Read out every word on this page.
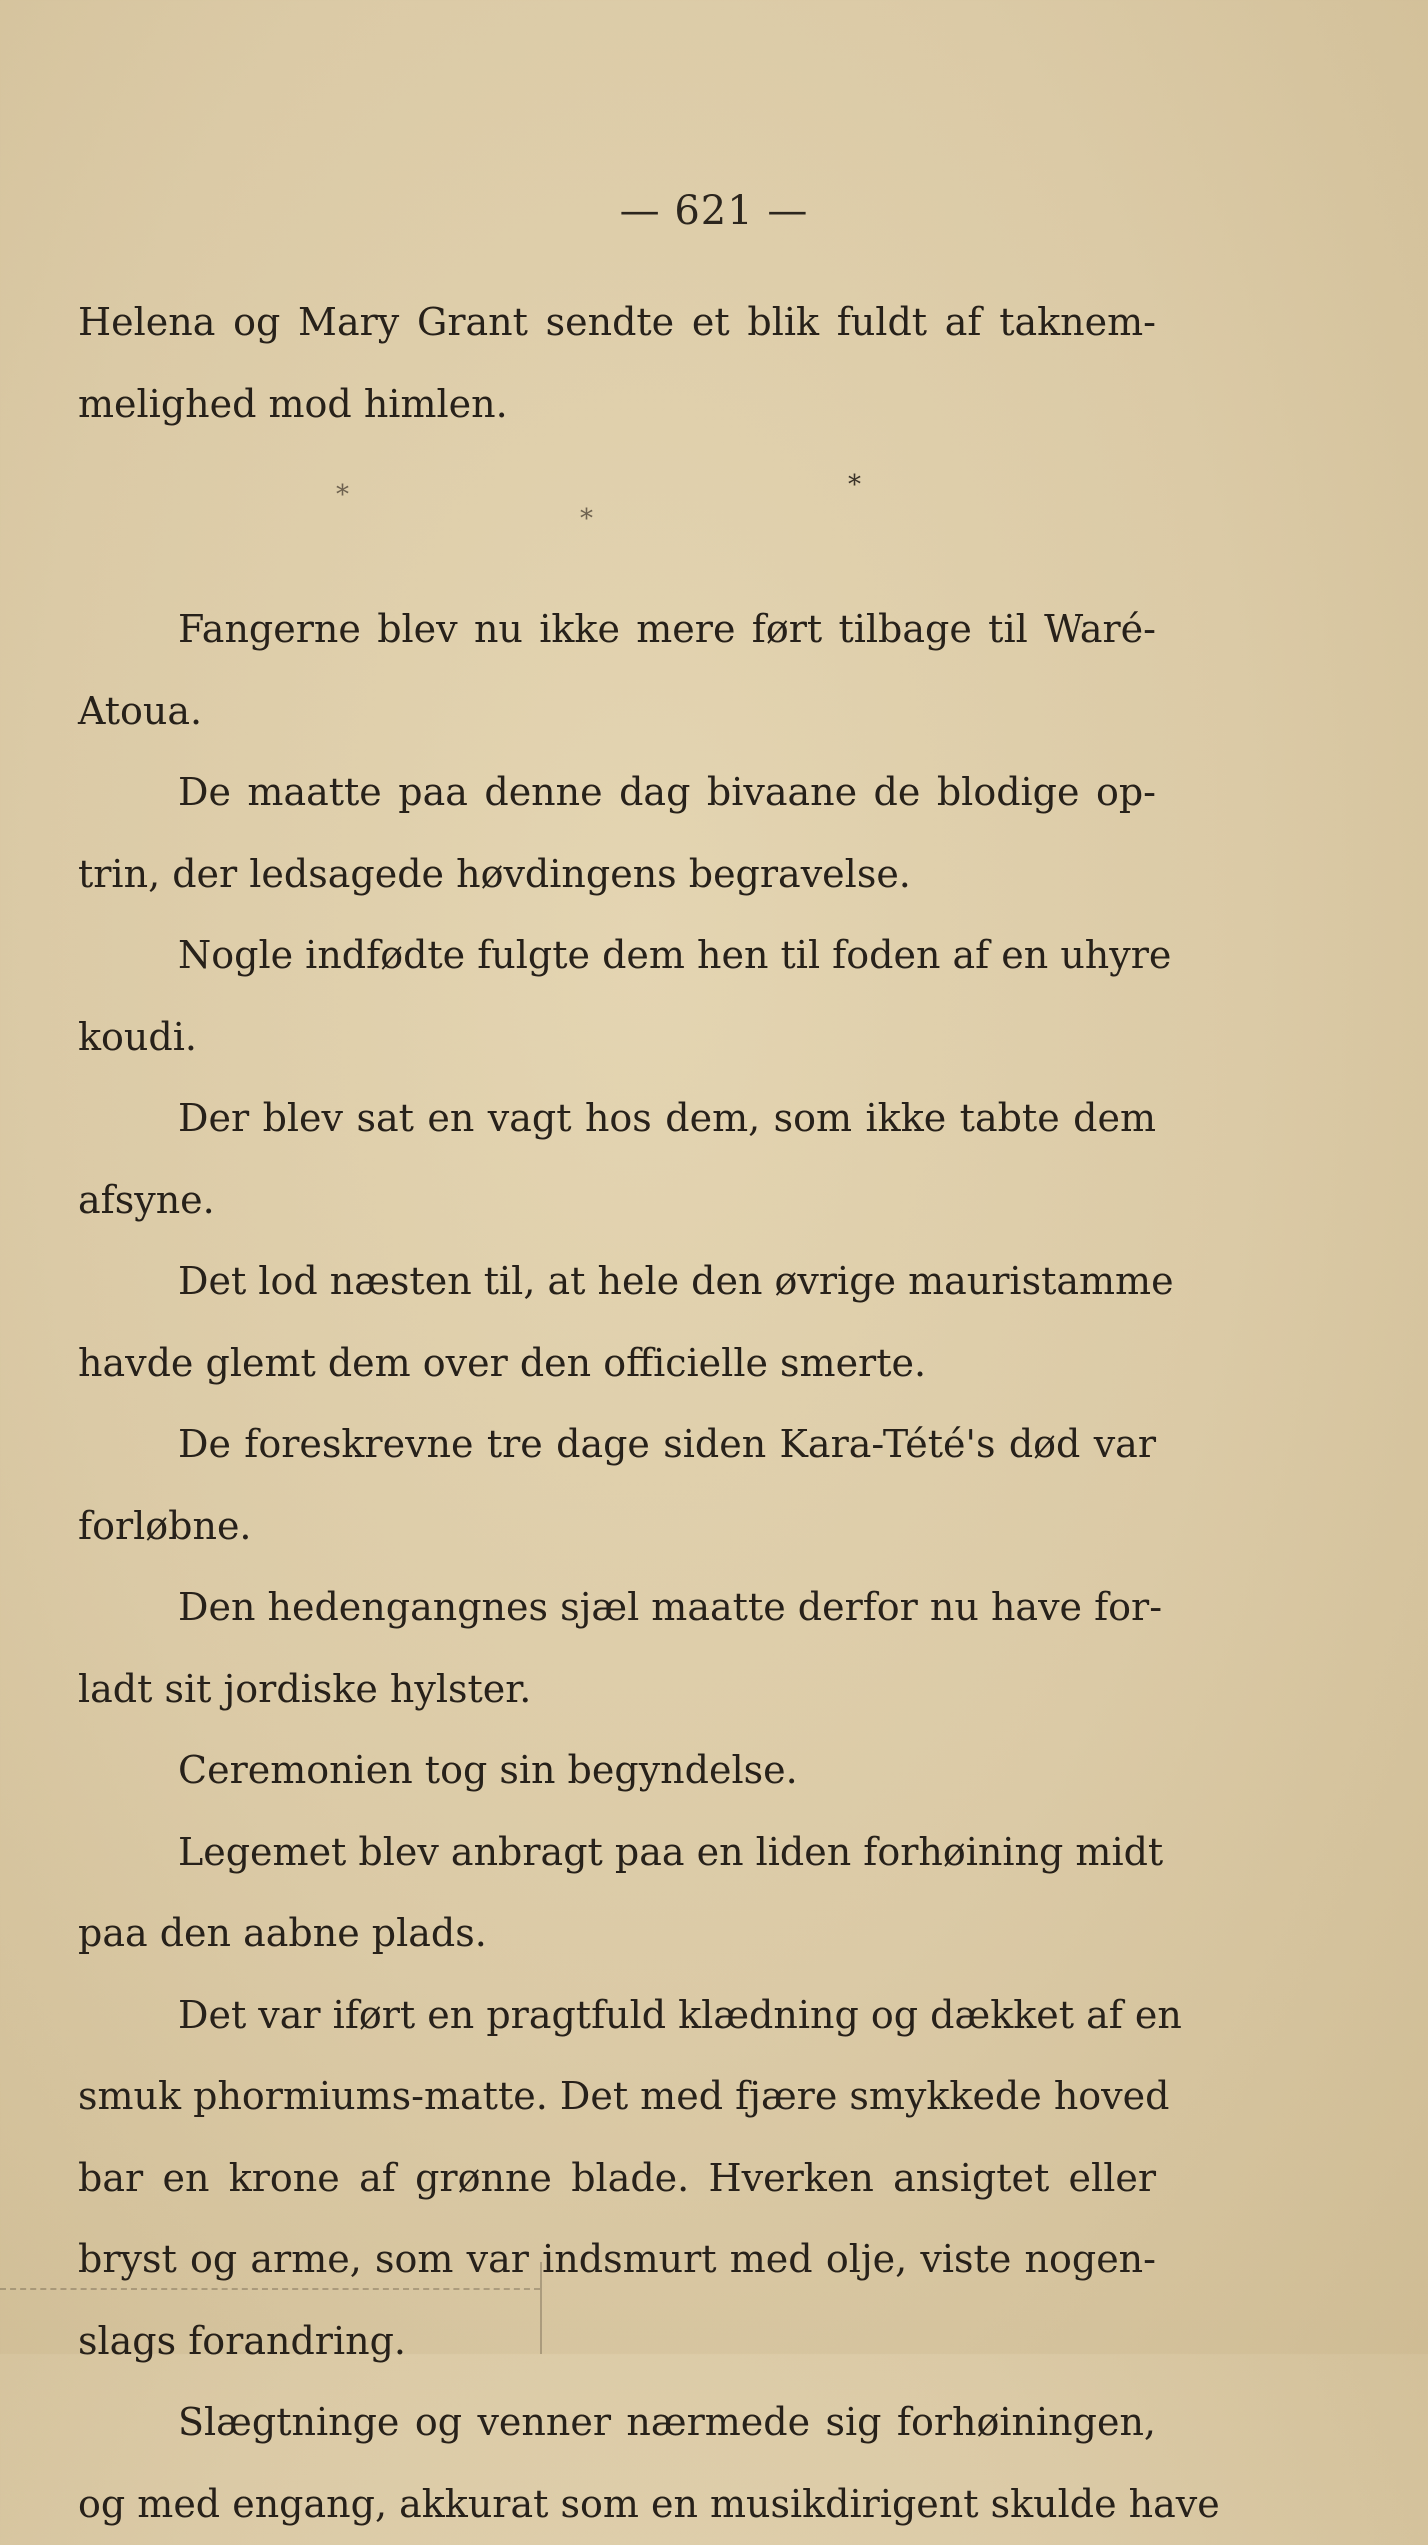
— 621 —
*
*
*
Helena og Mary Grant sendte et blik fuldt af taknem-
melighed mod himlen.
Fangerne blev nu ikke mere ført tilbage til Waré-
Atoua.
De maatte paa denne dag bivaane de blodige op-
trin, der ledsagede høvdingens begravelse.
Nogle indfødte fulgte dem hen til foden af en uhyre
koudi.
Der blev sat en vagt hos dem, som ikke tabte dem
afsyne.
Det lod næsten til, at hele den øvrige mauristamme
havde glemt dem over den officielle smerte.
De foreskrevne tre dage siden Kara-Tété's død var
forløbne.
Den hedengangnes sjæl maatte derfor nu have for-
ladt sit jordiske hylster.
Ceremonien tog sin begyndelse.
Legemet blev anbragt paa en liden forhøining midt
paa den aabne plads.
Det var iført en pragtfuld klædning og dækket af en
smuk phormiums-matte. Det med fjære smykkede hoved
bar en krone af grønne blade. Hverken ansigtet eller
bryst og arme, som var indsmurt med olje, viste nogen-
slags forandring.
Slægtninge og venner nærmede sig forhøiningen,
og med engang, akkurat som en musikdirigent skulde have
